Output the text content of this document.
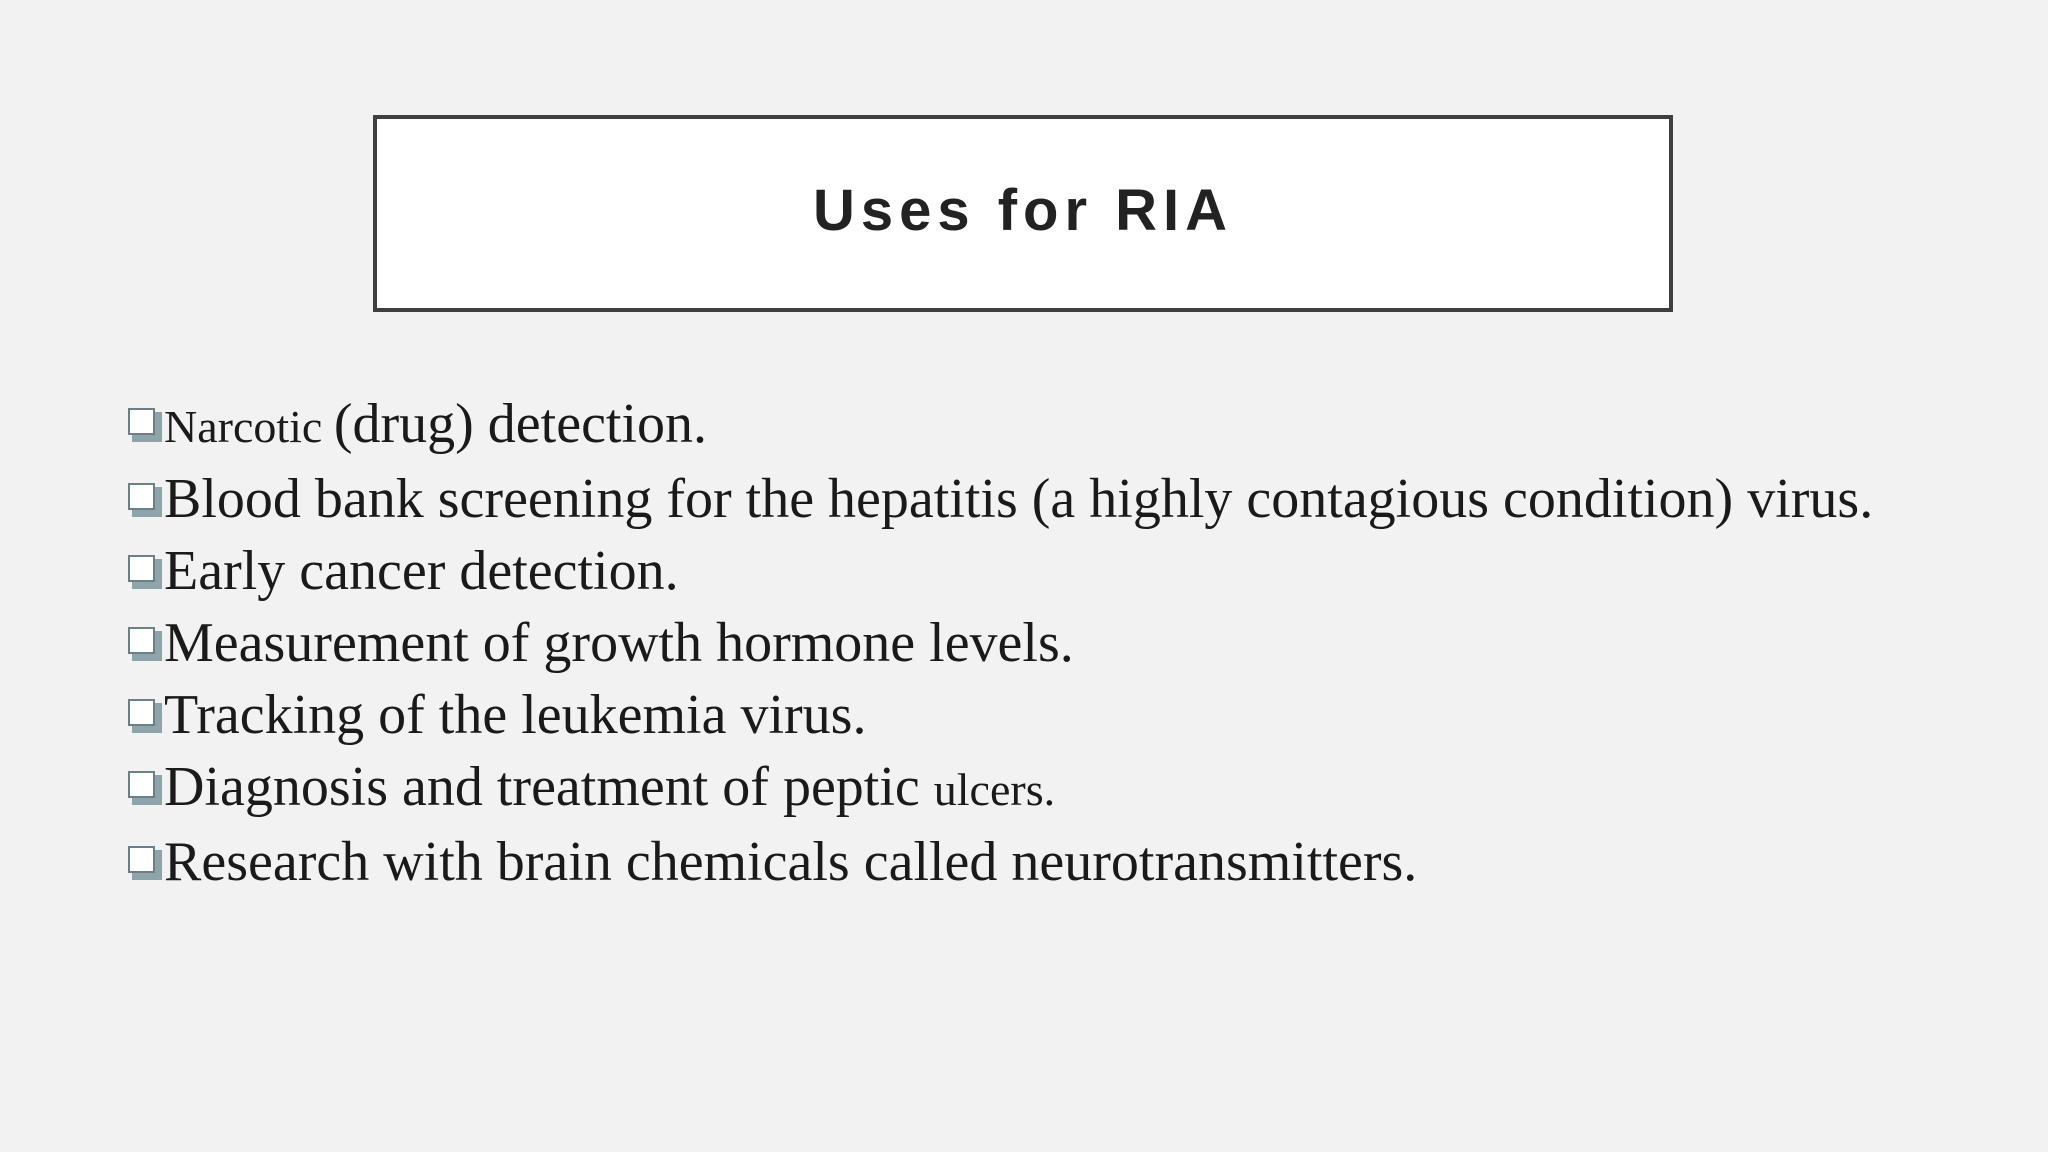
Uses for RIA
Narcotic (drug) detection.
Blood bank screening for the hepatitis (a highly contagious condition) virus.
Early cancer detection.
Measurement of growth hormone levels.
Tracking of the leukemia virus.
Diagnosis and treatment of peptic ulcers.
Research with brain chemicals called neurotransmitters.
